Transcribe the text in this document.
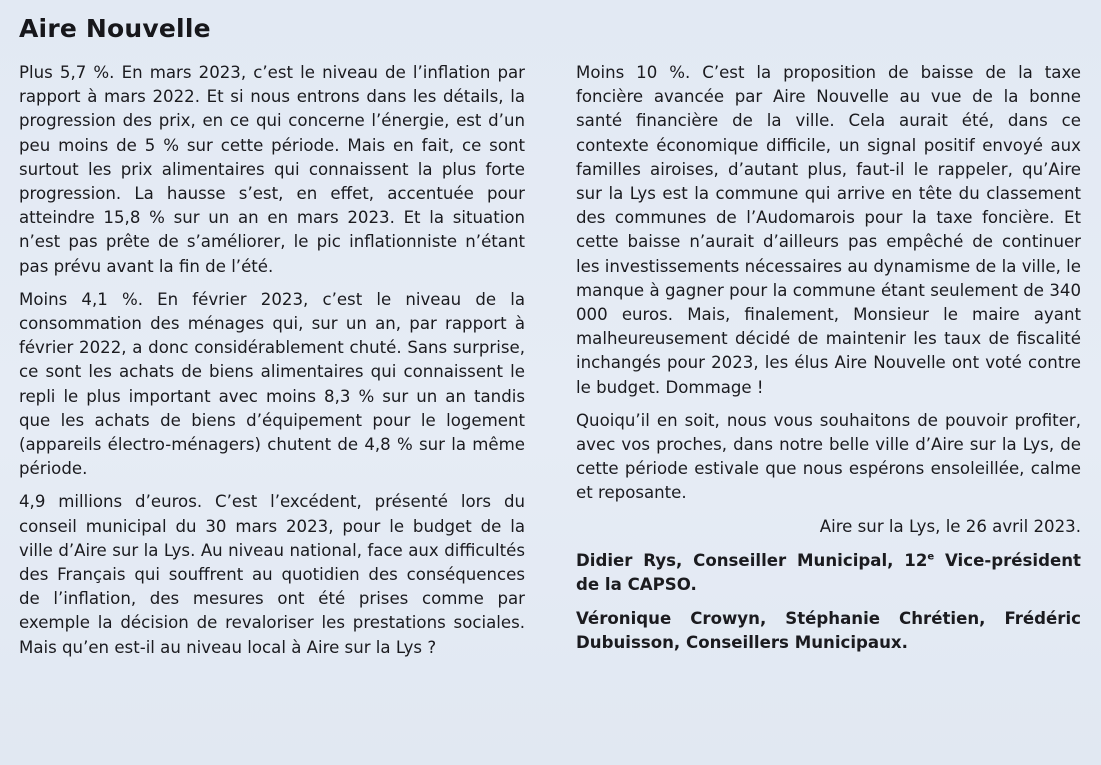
Aire Nouvelle

Plus 5,7 %. En mars 2023, c’est le niveau de l’inflation par rapport à mars 2022. Et si nous entrons dans les détails, la progression des prix, en ce qui concerne l’énergie, est d’un peu moins de 5 % sur cette période. Mais en fait, ce sont surtout les prix alimentaires qui connaissent la plus forte progression. La hausse s’est, en effet, accentuée pour atteindre 15,8 % sur un an en mars 2023. Et la situation n’est pas prête de s’améliorer, le pic inflationniste n’étant pas prévu avant la fin de l’été.

Moins 4,1 %. En février 2023, c’est le niveau de la consommation des ménages qui, sur un an, par rapport à février 2022, a donc considérablement chuté. Sans surprise, ce sont les achats de biens alimentaires qui connaissent le repli le plus important avec moins 8,3 % sur un an tandis que les achats de biens d’équipement pour le logement (appareils électro-ménagers) chutent de 4,8 % sur la même période.

4,9 millions d’euros. C’est l’excédent, présenté lors du conseil municipal du 30 mars 2023, pour le budget de la ville d’Aire sur la Lys. Au niveau national, face aux difficultés des Français qui souffrent au quotidien des conséquences de l’inflation, des mesures ont été prises comme par exemple la décision de revaloriser les prestations sociales. Mais qu’en est-il au niveau local à Aire sur la Lys ?

Moins 10 %. C’est la proposition de baisse de la taxe foncière avancée par Aire Nouvelle au vue de la bonne santé financière de la ville. Cela aurait été, dans ce contexte économique difficile, un signal positif envoyé aux familles airoises, d’autant plus, faut-il le rappeler, qu’Aire sur la Lys est la commune qui arrive en tête du classement des communes de l’Audomarois pour la taxe foncière. Et cette baisse n’aurait d’ailleurs pas empêché de continuer les investissements nécessaires au dynamisme de la ville, le manque à gagner pour la commune étant seulement de 340 000 euros. Mais, finalement, Monsieur le maire ayant malheureusement décidé de maintenir les taux de fiscalité inchangés pour 2023, les élus Aire Nouvelle ont voté contre le budget. Dommage !

Quoiqu’il en soit, nous vous souhaitons de pouvoir profiter, avec vos proches, dans notre belle ville d’Aire sur la Lys, de cette période estivale que nous espérons ensoleillée, calme et reposante.

Aire sur la Lys, le 26 avril 2023.

Didier Rys, Conseiller Municipal, 12e Vice-président de la CAPSO.

Véronique Crowyn, Stéphanie Chrétien, Frédéric Dubuisson, Conseillers Municipaux.
